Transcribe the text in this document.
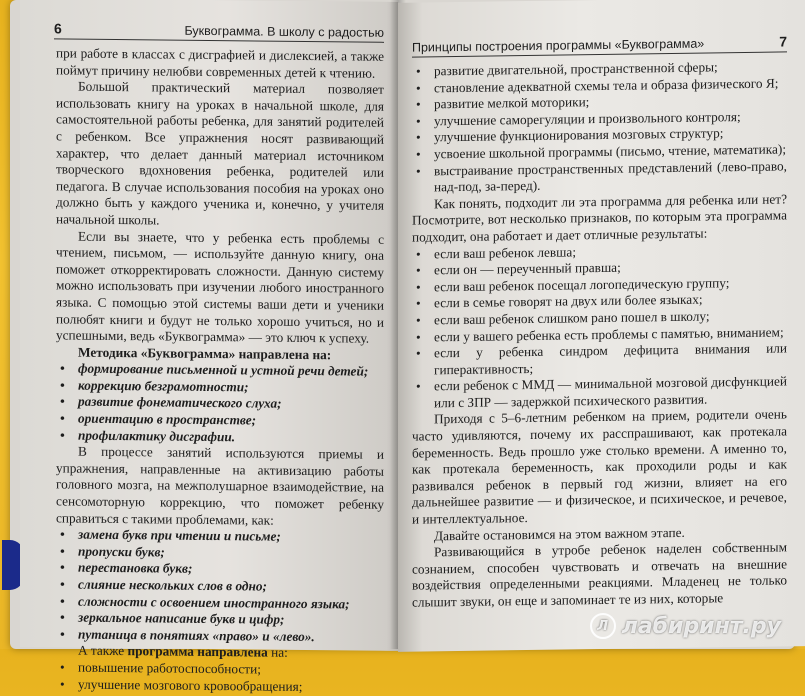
6	Буквограмма. В школу с радостью

при работе в классах с дисграфией и дислексией, а также поймут причину нелюбви современных детей к чтению.

Большой практический материал позволяет использовать книгу на уроках в начальной школе, для самостоятельной работы ребенка, для занятий родителей с ребенком. Все упражнения носят развивающий характер, что делает данный материал источником творческого вдохновения ребенка, родителей или педагога. В случае использования пособия на уроках оно должно быть у каждого ученика и, конечно, у учителя начальной школы.

Если вы знаете, что у ребенка есть проблемы с чтением, письмом, — используйте данную книгу, она поможет откорректировать сложности. Данную систему можно использовать при изучении любого иностранного языка. С помощью этой системы ваши дети и ученики полюбят книги и будут не только хорошо учиться, но и успешными, ведь «Буквограмма» — это ключ к успеху.

Методика «Буквограмма» направлена на:

• формирование письменной и устной речи детей;
• коррекцию безграмотности;
• развитие фонематического слуха;
• ориентацию в пространстве;
• профилактику дисграфии.

В процессе занятий используются приемы и упражнения, направленные на активизацию работы головного мозга, на межполушарное взаимодействие, на сенсомоторную коррекцию, что поможет ребенку справиться с такими проблемами, как:

• замена букв при чтении и письме;
• пропуски букв;
• перестановка букв;
• слияние нескольких слов в одно;
• сложности с освоением иностранного языка;
• зеркальное написание букв и цифр;
• путаница в понятиях «право» и «лево».

А также программа направлена на:

• повышение работоспособности;
• улучшение мозгового кровообращения;
Принципы построения программы «Буквограмма»	7
• развитие двигательной, пространственной сферы;
• становление адекватной схемы тела и образа физического Я;
• развитие мелкой моторики;
• улучшение саморегуляции и произвольного контроля;
• улучшение функционирования мозговых структур;
• усвоение школьной программы (письмо, чтение, математика);
• выстраивание пространственных представлений (лево-право, над-под, за-перед).

Как понять, подходит ли эта программа для ребенка или нет? Посмотрите, вот несколько признаков, по которым эта программа подходит, она работает и дает отличные результаты:

• если ваш ребенок левша;
• если он — переученный правша;
• если ваш ребенок посещал логопедическую группу;
• если в семье говорят на двух или более языках;
• если ваш ребенок слишком рано пошел в школу;
• если у вашего ребенка есть проблемы с памятью, вниманием;
• если у ребенка синдром дефицита внимания или гиперактивность;
• если ребенок с ММД — минимальной мозговой дисфункцией или с ЗПР — задержкой психического развития.

Приходя с 5–6-летним ребенком на прием, родители очень часто удивляются, почему их расспрашивают, как протекала беременность. Ведь прошло уже столько времени. А именно то, как протекала беременность, как проходили роды и как развивался ребенок в первый год жизни, влияет на его дальнейшее развитие — и физическое, и психическое, и речевое, и интеллектуальное.

Давайте остановимся на этом важном этапе.

Развивающийся в утробе ребенок наделен собственным сознанием, способен чувствовать и отвечать на внешние воздействия определенными реакциями. Младенец не только слышит звуки, он еще и запоминает те из них, которые

Л лабиринт.ру
